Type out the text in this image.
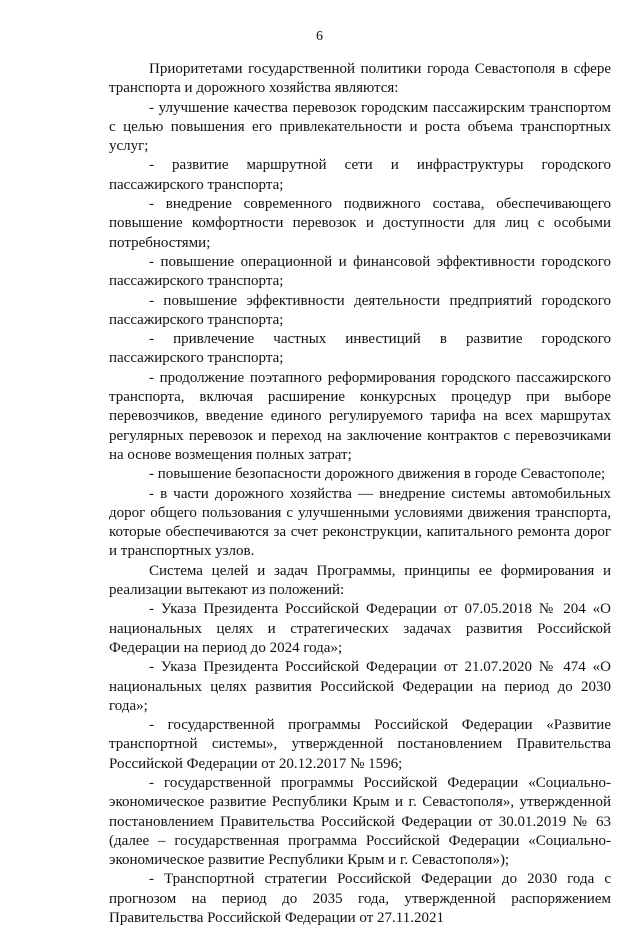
6

Приоритетами государственной политики города Севастополя в сфере транспорта и дорожного хозяйства являются:

- улучшение качества перевозок городским пассажирским транспортом с целью повышения его привлекательности и роста объема транспортных услуг;

- развитие маршрутной сети и инфраструктуры городского пассажирского транспорта;

- внедрение современного подвижного состава, обеспечивающего повышение комфортности перевозок и доступности для лиц с особыми потребностями;

- повышение операционной и финансовой эффективности городского пассажирского транспорта;

- повышение эффективности деятельности предприятий городского пассажирского транспорта;

- привлечение частных инвестиций в развитие городского пассажирского транспорта;

- продолжение поэтапного реформирования городского пассажирского транспорта, включая расширение конкурсных процедур при выборе перевозчиков, введение единого регулируемого тарифа на всех маршрутах регулярных перевозок и переход на заключение контрактов с перевозчиками на основе возмещения полных затрат;

- повышение безопасности дорожного движения в городе Севастополе;

- в части дорожного хозяйства — внедрение системы автомобильных дорог общего пользования с улучшенными условиями движения транспорта, которые обеспечиваются за счет реконструкции, капитального ремонта дорог и транспортных узлов.

Система целей и задач Программы, принципы ее формирования и реализации вытекают из положений:

- Указа Президента Российской Федерации от 07.05.2018 № 204 «О национальных целях и стратегических задачах развития Российской Федерации на период до 2024 года»;

- Указа Президента Российской Федерации от 21.07.2020 № 474 «О национальных целях развития Российской Федерации на период до 2030 года»;

- государственной программы Российской Федерации «Развитие транспортной системы», утвержденной постановлением Правительства Российской Федерации от 20.12.2017 № 1596;

- государственной программы Российской Федерации «Социально-экономическое развитие Республики Крым и г. Севастополя», утвержденной постановлением Правительства Российской Федерации от 30.01.2019 № 63 (далее – государственная программа Российской Федерации «Социально-экономическое развитие Республики Крым и г. Севастополя»);

- Транспортной стратегии Российской Федерации до 2030 года с прогнозом на период до 2035 года, утвержденной распоряжением Правительства Российской Федерации от 27.11.2021
